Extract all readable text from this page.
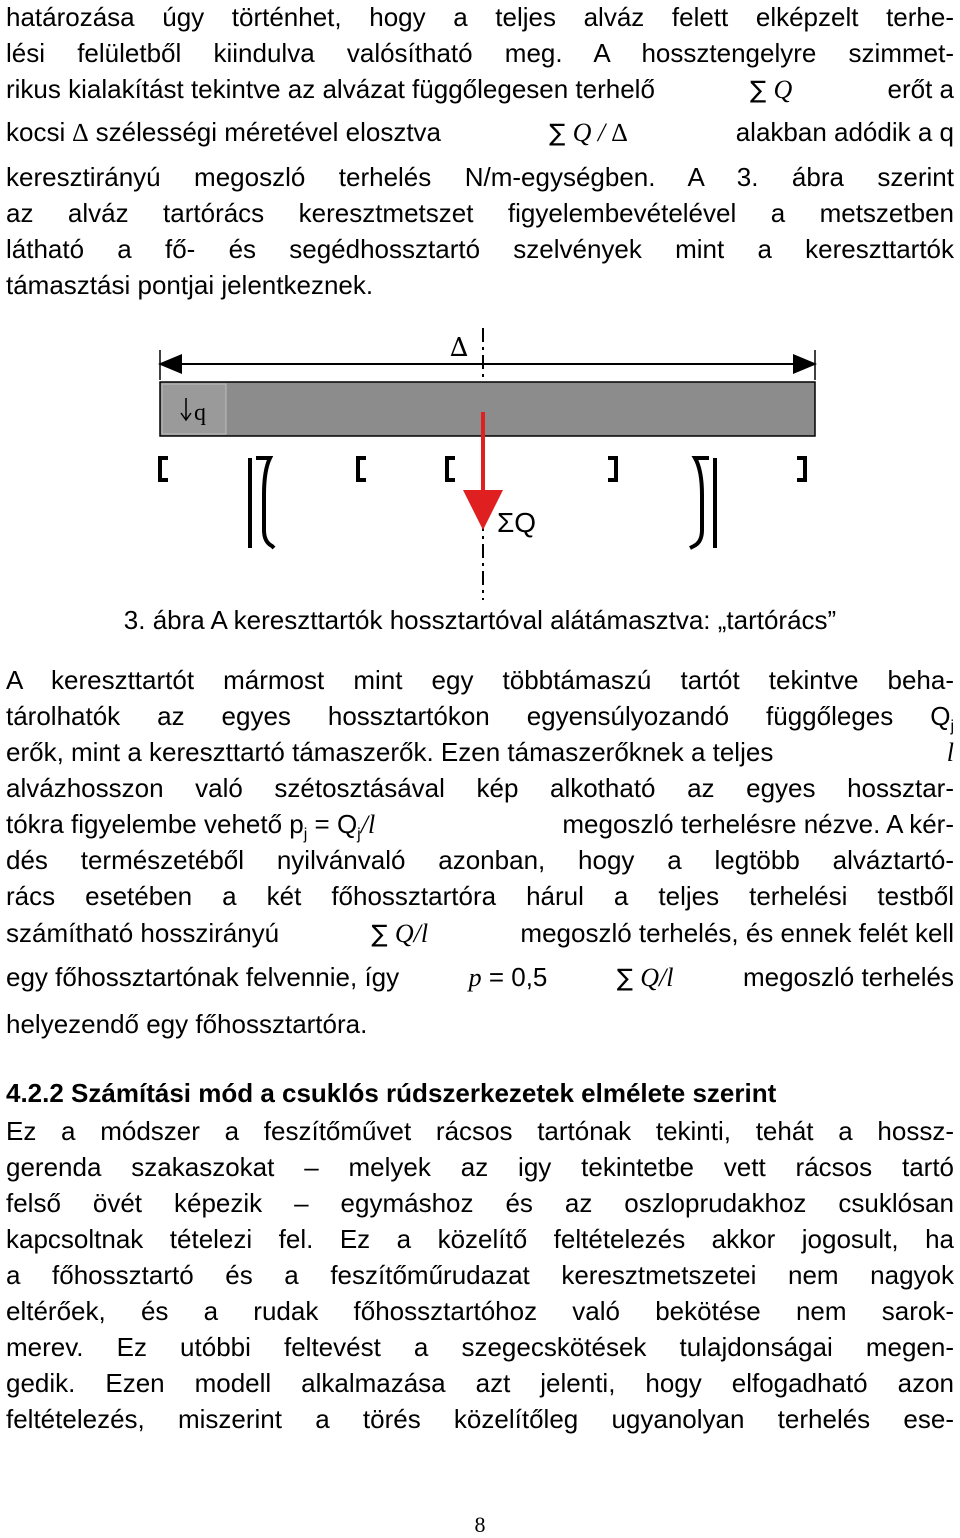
határozása úgy történhet, hogy a teljes alváz felett elképzelt terhe-
lési felületből kiindulva valósítható meg. A hossztengelyre szimmet-
rikus kialakítást tekintve az alvázat függőlegesen terhelő	∑ Q	erőt a
kocsi ∆ szélességi méretével elosztva	∑ Q / ∆	alakban adódik a q
keresztirányú megoszló terhelés N/m-egységben. A 3. ábra szerint
az alváz tartórács keresztmetszet figyelembevételével a metszetben
látható a fő- és segédhossztartó szelvények mint a kereszttartók
támasztási pontjai jelentkeznek.
∆
q
ΣQ
3. ábra A kereszttartók hossztartóval alátámasztva: „tartórács”
A kereszttartót mármost mint egy többtámaszú tartót tekintve beha-
tárolhatók az egyes hossztartókon egyensúlyozandó függőleges $Q_j$
erők, mint a kereszttartó támaszerők. Ezen támaszerőknek a teljes	l
alvázhosszon való szétosztásával kép alkotható az egyes hossztar-
tókra figyelembe vehető $p_j = Q_j/l$	megoszló terhelésre nézve. A kér-
dés természetéből nyilvánvaló azonban, hogy a legtöbb alváztartó-
rács esetében a két főhossztartóra hárul a teljes terhelési testből
számítható hosszirányú	∑ Q/l	megoszló terhelés, és ennek felét kell
egy főhossztartónak felvennie, így	p = 0,5	∑ Q/l	megoszló terhelés
helyezendő egy főhossztartóra.
4.2.2 Számítási mód a csuklós rúdszerkezetek elmélete szerint
Ez a módszer a feszítőművet rácsos tartónak tekinti, tehát a hossz-
gerenda szakaszokat – melyek az igy tekintetbe vett rácsos tartó
felső övét képezik – egymáshoz és az oszloprudakhoz csuklósan
kapcsoltnak tételezi fel. Ez a közelítő feltételezés akkor jogosult, ha
a főhossztartó és a feszítőműrudazat keresztmetszetei nem nagyok
eltérőek, és a rudak főhossztartóhoz való bekötése nem sarok-
merev. Ez utóbbi feltevést a szegecskötések tulajdonságai megen-
gedik. Ezen modell alkalmazása azt jelenti, hogy elfogadható azon
feltételezés, miszerint a törés közelítőleg ugyanolyan terhelés ese-
8
